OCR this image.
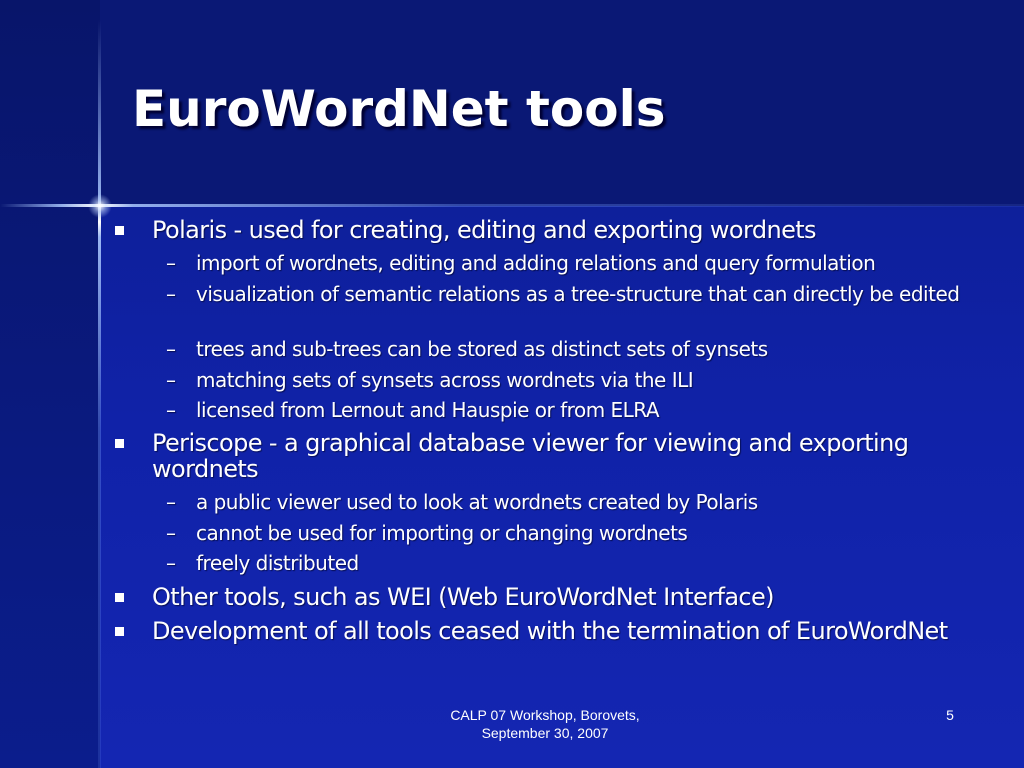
EuroWordNet tools
Polaris - used for creating, editing and exporting wordnets
– import of wordnets, editing and adding relations and query formulation
– visualization of semantic relations as a tree-structure that can directly be edited
– trees and sub-trees can be stored as distinct sets of synsets
– matching sets of synsets across wordnets via the ILI
– licensed from Lernout and Hauspie or from ELRA
Periscope - a graphical database viewer for viewing and exporting wordnets
– a public viewer used to look at wordnets created by Polaris
– cannot be used for importing or changing wordnets
– freely distributed
Other tools, such as WEI (Web EuroWordNet Interface)
Development of all tools ceased with the termination of EuroWordNet
CALP 07 Workshop, Borovets,
September 30, 2007
5
